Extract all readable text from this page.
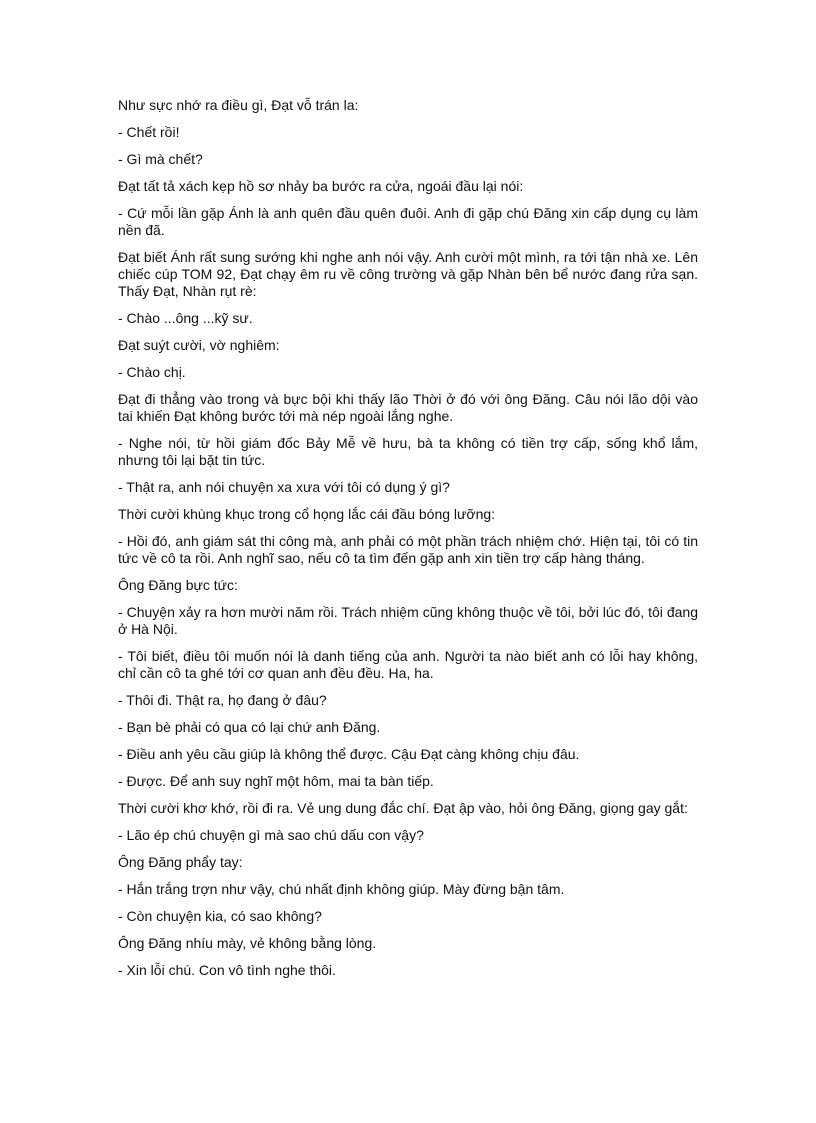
Như sực nhớ ra điều gì, Đạt vỗ trán la:

- Chết rồi!

- Gì mà chết?

Đạt tất tả xách kẹp hồ sơ nhảy ba bước ra cửa, ngoái đầu lại nói:

- Cứ mỗi lần gặp Ánh là anh quên đầu quên đuôi. Anh đi gặp chú Đăng xin cấp dụng cụ làm nền đã.

Đạt biết Ánh rất sung sướng khi nghe anh nói vậy. Anh cười một mình, ra tới tận nhà xe. Lên chiếc cúp TOM 92, Đạt chạy êm ru về công trường và gặp Nhàn bên bể nước đang rửa sạn. Thấy Đạt, Nhàn rụt rè:

- Chào ...ông ...kỹ sư.

Đạt suýt cười, vờ nghiêm:

- Chào chị.

Đạt đi thẳng vào trong và bực bội khi thấy lão Thời ở đó với ông Đăng. Câu nói lão dội vào tai khiến Đạt không bước tới mà nép ngoài lắng nghe.

- Nghe nói, từ hồi giám đốc Bảy Mễ về hưu, bà ta không có tiền trợ cấp, sống khổ lắm, nhưng tôi lại bặt tin tức.

- Thật ra, anh nói chuyện xa xưa với tôi có dụng ý gì?

Thời cười khùng khục trong cổ họng lắc cái đầu bóng lưỡng:

- Hồi đó, anh giám sát thi công mà, anh phải có một phần trách nhiệm chớ. Hiện tại, tôi có tin tức về cô ta rồi. Anh nghĩ sao, nếu cô ta tìm đến gặp anh xin tiền trợ cấp hàng tháng.

Ông Đăng bực tức:

- Chuyện xảy ra hơn mười năm rồi. Trách nhiệm cũng không thuộc về tôi, bởi lúc đó, tôi đang ở Hà Nội.

- Tôi biết, điều tôi muốn nói là danh tiếng của anh. Người ta nào biết anh có lỗi hay không, chỉ cần cô ta ghé tới cơ quan anh đều đều. Ha, ha.

- Thôi đi. Thật ra, họ đang ở đâu?

- Bạn bè phải có qua có lại chứ anh Đăng.

- Điều anh yêu cầu giúp là không thể được. Cậu Đạt càng không chịu đâu.

- Được. Để anh suy nghĩ một hôm, mai ta bàn tiếp.

Thời cười khơ khớ, rồi đi ra. Vẻ ung dung đắc chí. Đạt ập vào, hỏi ông Đăng, giọng gay gắt:

- Lão ép chú chuyện gì mà sao chú dấu con vậy?

Ông Đăng phẩy tay:

- Hắn trắng trợn như vậy, chú nhất định không giúp. Mày đừng bận tâm.

- Còn chuyện kia, có sao không?

Ông Đăng nhíu mày, vẻ không bằng lòng.

- Xin lỗi chú. Con vô tình nghe thôi.
